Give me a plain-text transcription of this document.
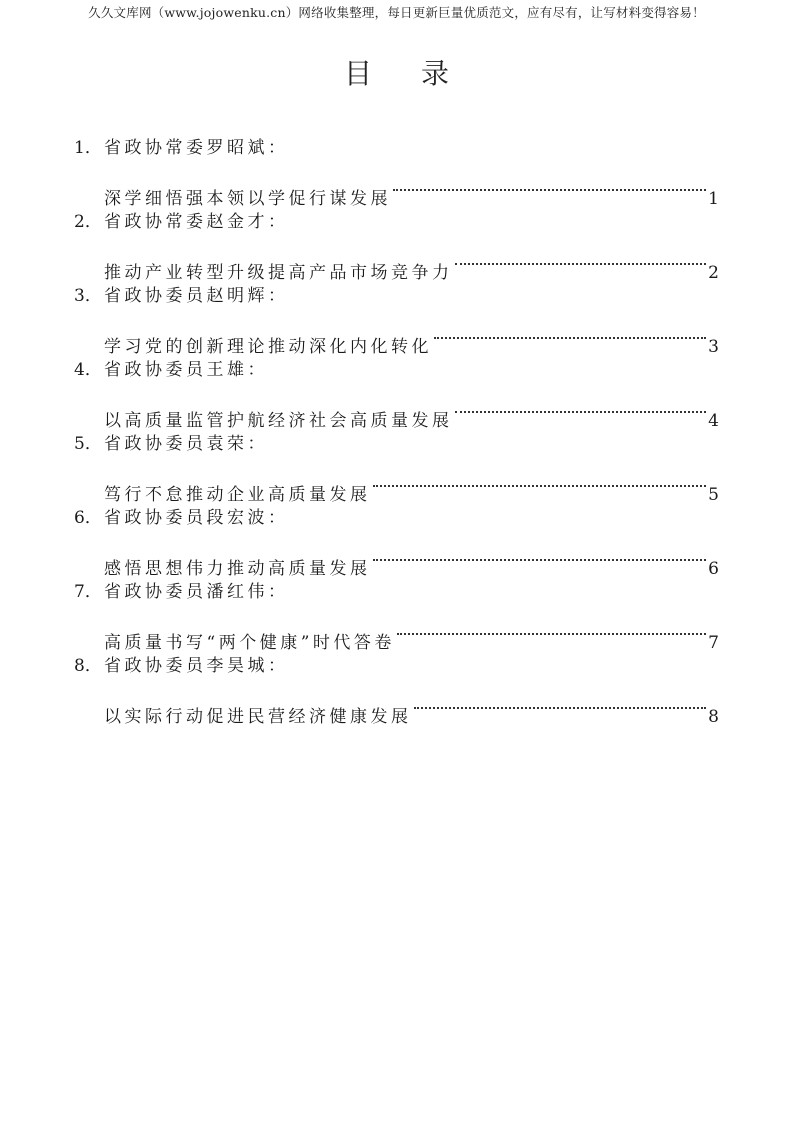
久久文库网（www.jojowenku.cn）网络收集整理，每日更新巨量优质范文，应有尽有，让写材料变得容易！
目 录
1． 省政协常委罗昭斌：
深学细悟强本领以学促行谋发展	1
2． 省政协常委赵金才：
推动产业转型升级提高产品市场竞争力	2
3． 省政协委员赵明辉：
学习党的创新理论推动深化内化转化	3
4． 省政协委员王雄：
以高质量监管护航经济社会高质量发展	4
5． 省政协委员袁荣：
笃行不怠推动企业高质量发展	5
6． 省政协委员段宏波：
感悟思想伟力推动高质量发展	6
7． 省政协委员潘红伟：
高质量书写“两个健康”时代答卷	7
8． 省政协委员李昊城：
以实际行动促进民营经济健康发展	8
